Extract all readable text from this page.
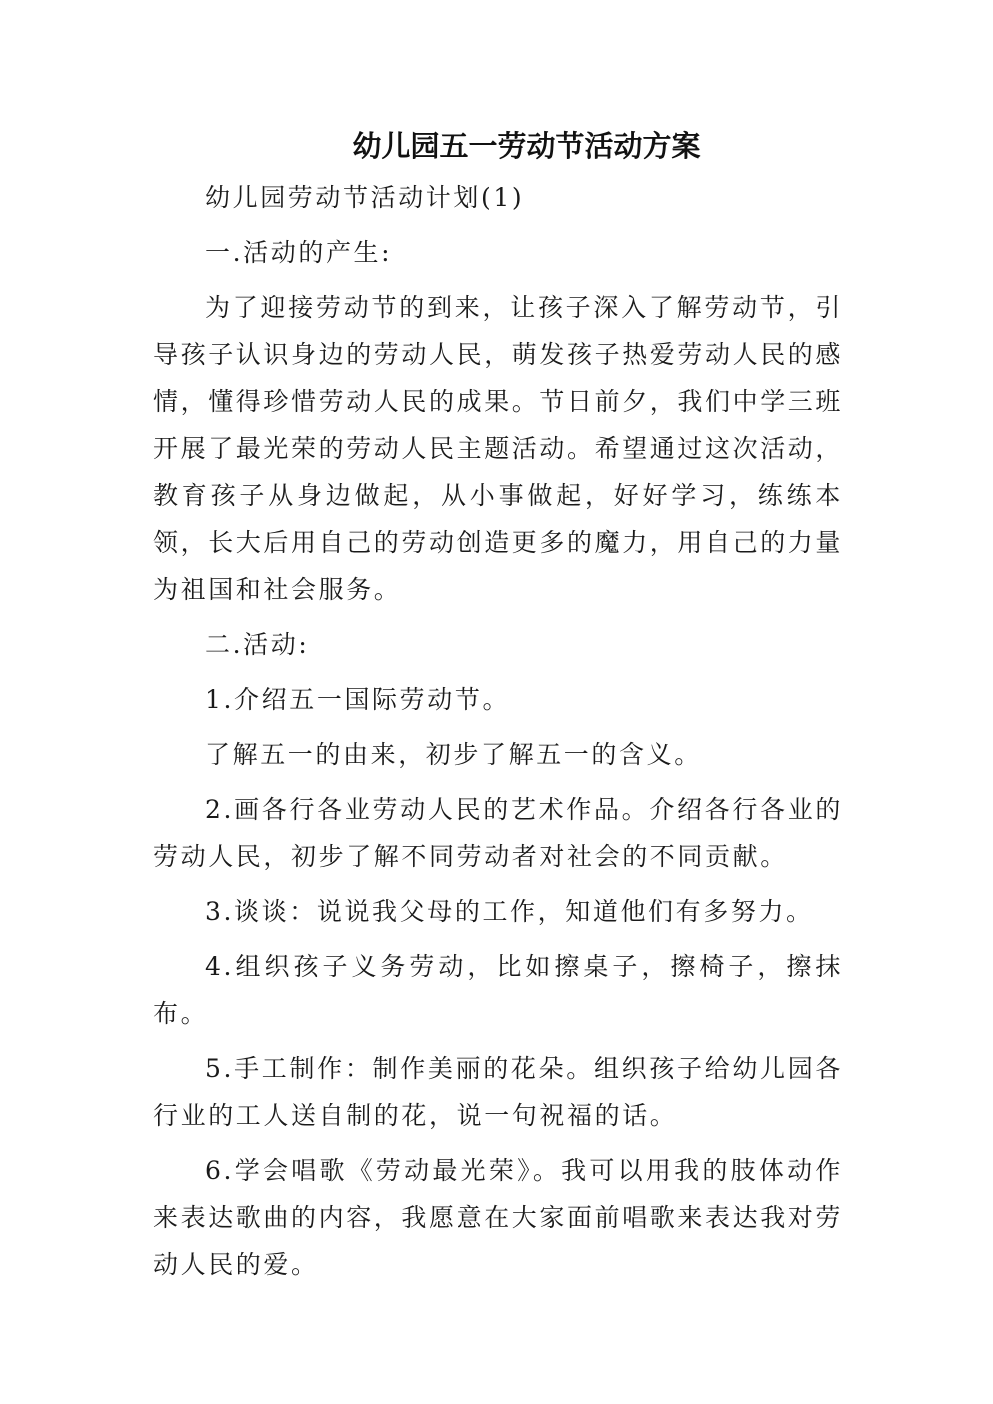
幼儿园五一劳动节活动方案

幼儿园劳动节活动计划(1)

一.活动的产生:

为了迎接劳动节的到来，让孩子深入了解劳动节，引导孩子认识身边的劳动人民，萌发孩子热爱劳动人民的感情，懂得珍惜劳动人民的成果。节日前夕，我们中学三班开展了最光荣的劳动人民主题活动。希望通过这次活动，教育孩子从身边做起，从小事做起，好好学习，练练本领，长大后用自己的劳动创造更多的魔力，用自己的力量为祖国和社会服务。

二.活动:

1.介绍五一国际劳动节。

了解五一的由来，初步了解五一的含义。

2.画各行各业劳动人民的艺术作品。介绍各行各业的劳动人民，初步了解不同劳动者对社会的不同贡献。

3.谈谈：说说我父母的工作，知道他们有多努力。

4.组织孩子义务劳动，比如擦桌子，擦椅子，擦抹布。

5.手工制作：制作美丽的花朵。组织孩子给幼儿园各行业的工人送自制的花，说一句祝福的话。

6.学会唱歌《劳动最光荣》。我可以用我的肢体动作来表达歌曲的内容，我愿意在大家面前唱歌来表达我对劳动人民的爱。
